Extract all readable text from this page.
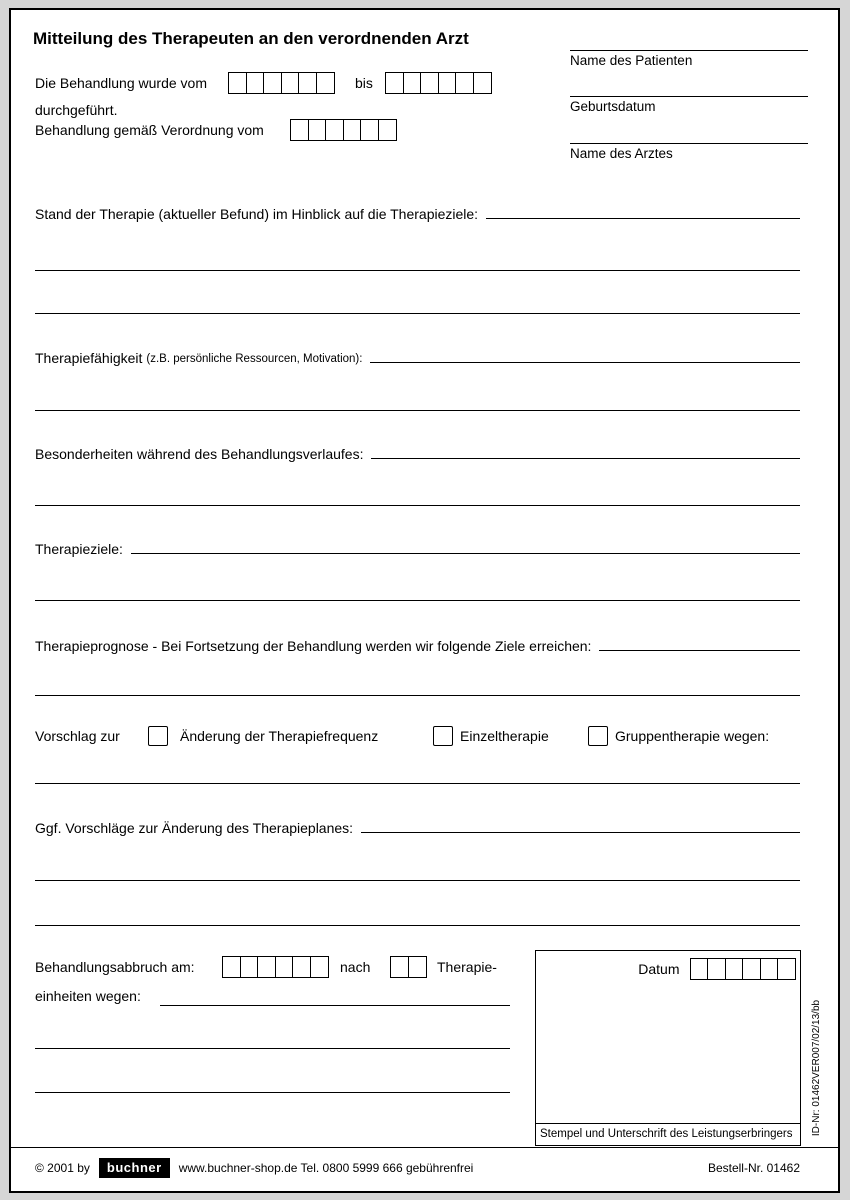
Mitteilung des Therapeuten an den verordnenden Arzt
Name des Patienten
Geburtsdatum
Name des Arztes
Die Behandlung wurde vom	bis
durchgeführt.
Behandlung gemäß Verordnung vom
Stand der Therapie (aktueller Befund) im Hinblick auf die Therapieziele:
Therapiefähigkeit (z.B. persönliche Ressourcen, Motivation):
Besonderheiten während des Behandlungsverlaufes:
Therapieziele:
Therapieprognose - Bei Fortsetzung der Behandlung werden wir folgende Ziele erreichen:
Vorschlag zur	Änderung der Therapiefrequenz	Einzeltherapie	Gruppentherapie wegen:
Ggf. Vorschläge zur Änderung des Therapieplanes:
Behandlungsabbruch am:	nach	Therapie-
einheiten wegen:
Datum
Stempel und Unterschrift des Leistungserbringers	ID-Nr: 01462VER007/02/13/bb
© 2001 by	buchner	www.buchner-shop.de Tel. 0800 5999 666 gebührenfrei	Bestell-Nr. 01462
